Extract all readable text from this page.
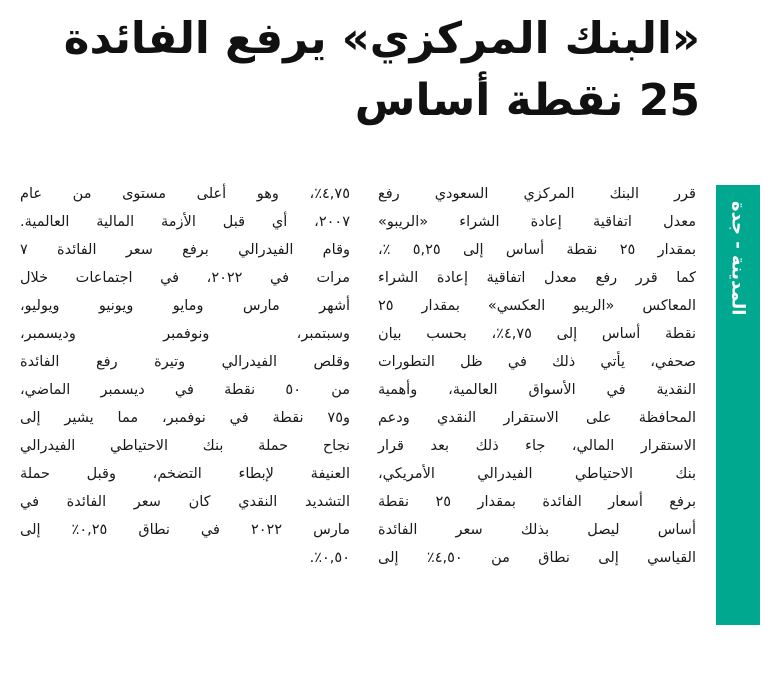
«البنك المركزي» يرفع الفائدة
25 نقطة أساس
المدينة - جدة
قرر البنك المركزي السعودي رفع
معدل اتفاقية إعادة الشراء «الريبو»
بمقدار ٢٥ نقطة أساس إلى ٥,٢٥ ٪،
كما قرر رفع معدل اتفاقية إعادة الشراء
المعاكس «الريبو العكسي» بمقدار ٢٥
نقطة أساس إلى ٤,٧٥٪، بحسب بيان
صحفي، يأتي ذلك في ظل التطورات
النقدية في الأسواق العالمية، وأهمية
المحافظة على الاستقرار النقدي ودعم
الاستقرار المالي، جاء ذلك بعد قرار
بنك الاحتياطي الفيدرالي الأمريكي،
برفع أسعار الفائدة بمقدار ٢٥ نقطة
أساس ليصل بذلك سعر الفائدة
القياسي إلى نطاق من ٤,٥٠٪ إلى
٤,٧٥٪، وهو أعلى مستوى من عام
٢٠٠٧، أي قبل الأزمة المالية العالمية.
وقام الفيدرالي برفع سعر الفائدة ٧
مرات في ٢٠٢٢، في اجتماعات خلال
أشهر مارس ومايو ويونيو ويوليو،
وسبتمبر، ونوفمبر وديسمبر،
وقلص الفيدرالي وتيرة رفع الفائدة
من ٥٠ نقطة في ديسمبر الماضي،
و٧٥ نقطة في نوفمبر، مما يشير إلى
نجاح حملة بنك الاحتياطي الفيدرالي
العنيفة لإبطاء التضخم، وقبل حملة
التشديد النقدي كان سعر الفائدة في
مارس ٢٠٢٢ في نطاق ٠,٢٥٪ إلى
٠,٥٠٪.
